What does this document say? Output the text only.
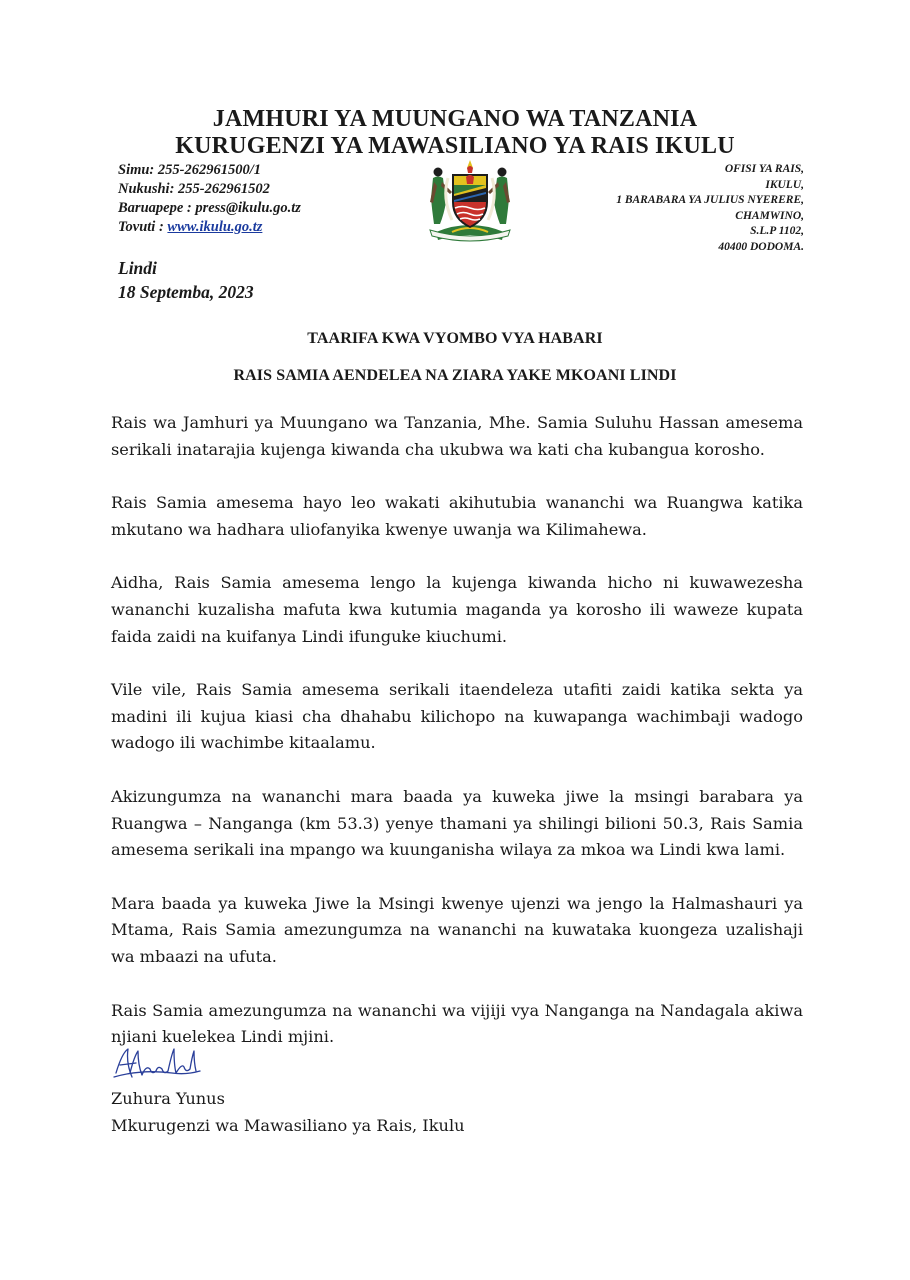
JAMHURI YA MUUNGANO WA TANZANIA
KURUGENZI YA MAWASILIANO YA RAIS IKULU
Simu: 255-262961500/1
Nukushi: 255-262961502
Baruapepe : press@ikulu.go.tz
Tovuti : www.ikulu.go.tz
OFISI YA RAIS,
IKULU,
1 BARABARA YA JULIUS NYERERE,
CHAMWINO,
S.L.P 1102,
40400 DODOMA.
Lindi
18 Septemba, 2023
TAARIFA KWA VYOMBO VYA HABARI
RAIS SAMIA AENDELEA NA ZIARA YAKE MKOANI LINDI

Rais wa Jamhuri ya Muungano wa Tanzania, Mhe. Samia Suluhu Hassan amesema serikali inatarajia kujenga kiwanda cha ukubwa wa kati cha kubangua korosho.

Rais Samia amesema hayo leo wakati akihutubia wananchi wa Ruangwa katika mkutano wa hadhara uliofanyika kwenye uwanja wa Kilimahewa.

Aidha, Rais Samia amesema lengo la kujenga kiwanda hicho ni kuwawezesha wananchi kuzalisha mafuta kwa kutumia maganda ya korosho ili waweze kupata faida zaidi na kuifanya Lindi ifunguke kiuchumi.

Vile vile, Rais Samia amesema serikali itaendeleza utafiti zaidi katika sekta ya madini ili kujua kiasi cha dhahabu kilichopo na kuwapanga wachimbaji wadogo wadogo ili wachimbe kitaalamu.

Akizungumza na wananchi mara baada ya kuweka jiwe la msingi barabara ya Ruangwa – Nanganga (km 53.3) yenye thamani ya shilingi bilioni 50.3, Rais Samia amesema serikali ina mpango wa kuunganisha wilaya za mkoa wa Lindi kwa lami.

Mara baada ya kuweka Jiwe la Msingi kwenye ujenzi wa jengo la Halmashauri ya Mtama, Rais Samia amezungumza na wananchi na kuwataka kuongeza uzalishaji wa mbaazi na ufuta.

Rais Samia amezungumza na wananchi wa vijiji vya Nanganga na Nandagala akiwa njiani kuelekea Lindi mjini.

Zuhura Yunus
Mkurugenzi wa Mawasiliano ya Rais, Ikulu
